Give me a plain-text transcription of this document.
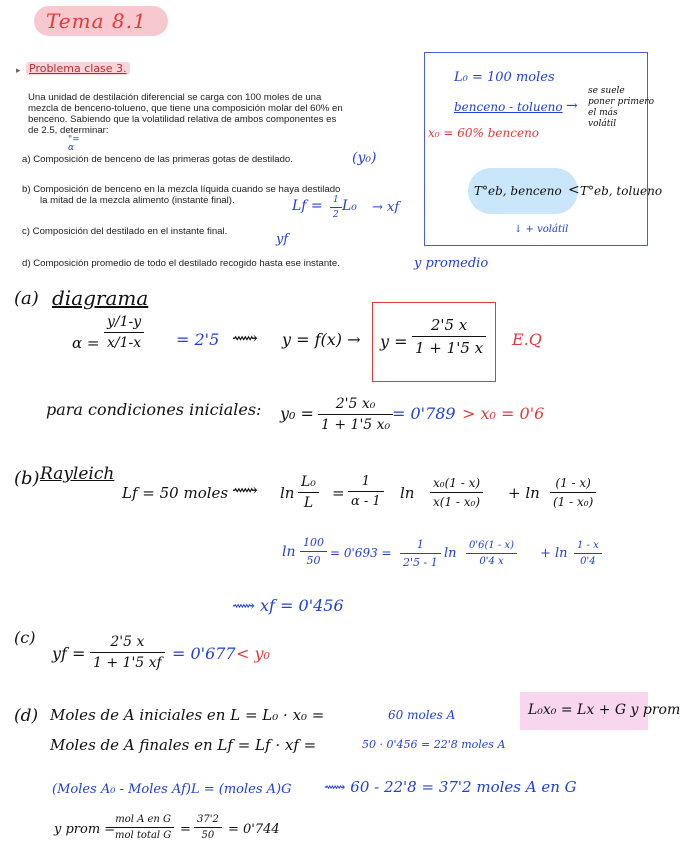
Tema 8.1
▸ Problema clase 3.
Una unidad de destilación diferencial se carga con 100 moles de una
mezcla de benceno-tolueno, que tiene una composición molar del 60% en
benceno. Sabiendo que la volatilidad relativa de ambos componentes es
de 2.5, determinar:
"=
α
a) Composición de benceno de las primeras gotas de destilado.	(y₀)
b) Composición de benceno en la mezcla líquida cuando se haya destilado
la mitad de la mezcla alimento (instante final).	Lf =	1
2
L₀ → xf
c) Composición del destilado en el instante final.
yf
d) Composición promedio de todo el destilado recogido hasta ese instante.	y promedio
L₀ = 100 moles
benceno - tolueno →
se suele
poner primero
el más
volátil
x₀ = 60% benceno
T°eb, benceno < T°eb, tolueno
↓ + volátil
(a) diagrama
α =
y/1-y
x/1-x = 2'5 ⟿ y = f(x) → y =
2'5 x
1 + 1'5 x E.Q
para condiciones iniciales: y₀ = 2'5 x₀
1 + 1'5 x₀
= 0'789 > x₀ = 0'6
(b) Rayleich
Lf = 50 moles ⟿ ln
L₀
L
=
1
α - 1 ln
x₀(1 - x)
x(1 - x₀) + ln
(1 - x)
(1 - x₀)
ln
100
50
= 0'693 =
1
2'5 - 1
ln
0'6(1 - x)
0'4 x
+ ln
1 - x
0'4
⟿ xf = 0'456
(c)
yf =
2'5 x
1 + 1'5 xf = 0'677 < y₀
(d) Moles de A iniciales en L = L₀ · x₀ =	60 moles A	L₀x₀ = Lx + G y prom
Moles de A finales en Lf = Lf · xf =	50 · 0'456 = 22'8 moles A
(Moles A₀ - Moles Af)L = (moles A)G ⟿ 60 - 22'8 = 37'2 moles A en G
y prom =
mol A en G
mol total G =
37'2
50 = 0'744
